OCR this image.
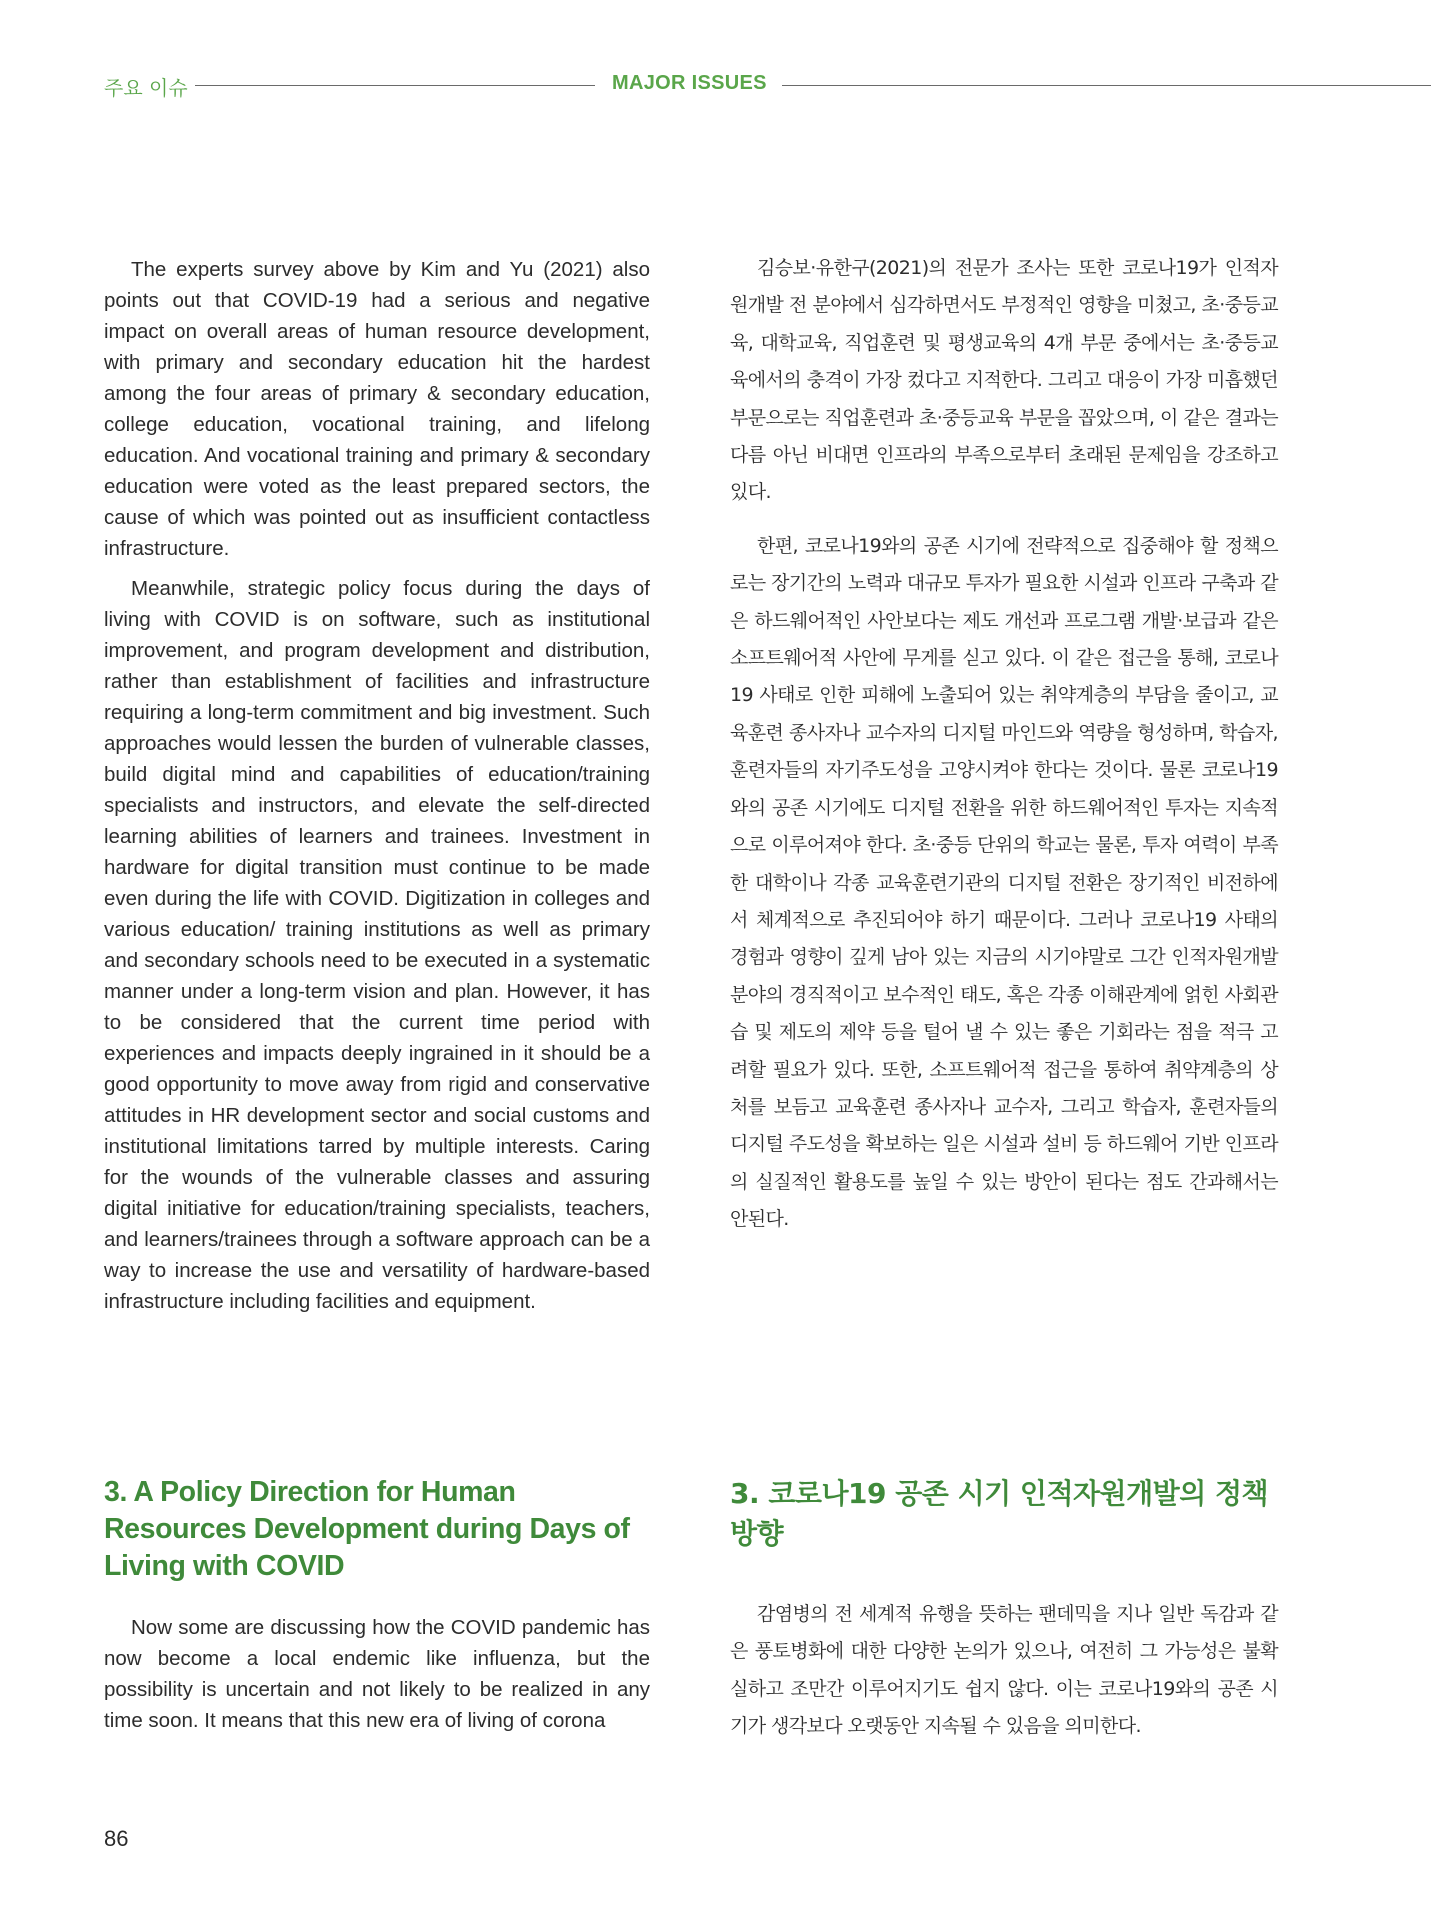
주요 이슈	MAJOR ISSUES

The experts survey above by Kim and Yu (2021) also points out that COVID-19 had a serious and negative impact on overall areas of human resource development, with primary and secondary education hit the hardest among the four areas of primary & secondary education, college education, vocational training, and lifelong education. And vocational training and primary & secondary education were voted as the least prepared sectors, the cause of which was pointed out as insufficient contactless infrastructure.

Meanwhile, strategic policy focus during the days of living with COVID is on software, such as institutional improvement, and program development and distribution, rather than establishment of facilities and infrastructure requiring a long-term commitment and big investment. Such approaches would lessen the burden of vulnerable classes, build digital mind and capabilities of education/training specialists and instructors, and elevate the self-directed learning abilities of learners and trainees. Investment in hardware for digital transition must continue to be made even during the life with COVID. Digitization in colleges and various education/ training institutions as well as primary and secondary schools need to be executed in a systematic manner under a long-term vision and plan. However, it has to be considered that the current time period with experiences and impacts deeply ingrained in it should be a good opportunity to move away from rigid and conservative attitudes in HR development sector and social customs and institutional limitations tarred by multiple interests. Caring for the wounds of the vulnerable classes and assuring digital initiative for education/training specialists, teachers, and learners/trainees through a software approach can be a way to increase the use and versatility of hardware-based infrastructure including facilities and equipment.

김승보·유한구(2021)의 전문가 조사는 또한 코로나19가 인적자원개발 전 분야에서 심각하면서도 부정적인 영향을 미쳤고, 초·중등교육, 대학교육, 직업훈련 및 평생교육의 4개 부문 중에서는 초·중등교육에서의 충격이 가장 컸다고 지적한다. 그리고 대응이 가장 미흡했던 부문으로는 직업훈련과 초·중등교육 부문을 꼽았으며, 이 같은 결과는 다름 아닌 비대면 인프라의 부족으로부터 초래된 문제임을 강조하고 있다.

한편, 코로나19와의 공존 시기에 전략적으로 집중해야 할 정책으로는 장기간의 노력과 대규모 투자가 필요한 시설과 인프라 구축과 같은 하드웨어적인 사안보다는 제도 개선과 프로그램 개발·보급과 같은 소프트웨어적 사안에 무게를 싣고 있다. 이 같은 접근을 통해, 코로나19 사태로 인한 피해에 노출되어 있는 취약계층의 부담을 줄이고, 교육훈련 종사자나 교수자의 디지털 마인드와 역량을 형성하며, 학습자, 훈련자들의 자기주도성을 고양시켜야 한다는 것이다. 물론 코로나19와의 공존 시기에도 디지털 전환을 위한 하드웨어적인 투자는 지속적으로 이루어져야 한다. 초·중등 단위의 학교는 물론, 투자 여력이 부족한 대학이나 각종 교육훈련기관의 디지털 전환은 장기적인 비전하에서 체계적으로 추진되어야 하기 때문이다. 그러나 코로나19 사태의 경험과 영향이 깊게 남아 있는 지금의 시기야말로 그간 인적자원개발 분야의 경직적이고 보수적인 태도, 혹은 각종 이해관계에 얽힌 사회관습 및 제도의 제약 등을 털어 낼 수 있는 좋은 기회라는 점을 적극 고려할 필요가 있다. 또한, 소프트웨어적 접근을 통하여 취약계층의 상처를 보듬고 교육훈련 종사자나 교수자, 그리고 학습자, 훈련자들의 디지털 주도성을 확보하는 일은 시설과 설비 등 하드웨어 기반 인프라의 실질적인 활용도를 높일 수 있는 방안이 된다는 점도 간과해서는 안된다.

3. A Policy Direction for Human Resources Development during Days of Living with COVID
3. 코로나19 공존 시기 인적자원개발의 정책 방향

Now some are discussing how the COVID pandemic has now become a local endemic like influenza, but the possibility is uncertain and not likely to be realized in any time soon. It means that this new era of living of corona

감염병의 전 세계적 유행을 뜻하는 팬데믹을 지나 일반 독감과 같은 풍토병화에 대한 다양한 논의가 있으나, 여전히 그 가능성은 불확실하고 조만간 이루어지기도 쉽지 않다. 이는 코로나19와의 공존 시기가 생각보다 오랫동안 지속될 수 있음을 의미한다.

86
